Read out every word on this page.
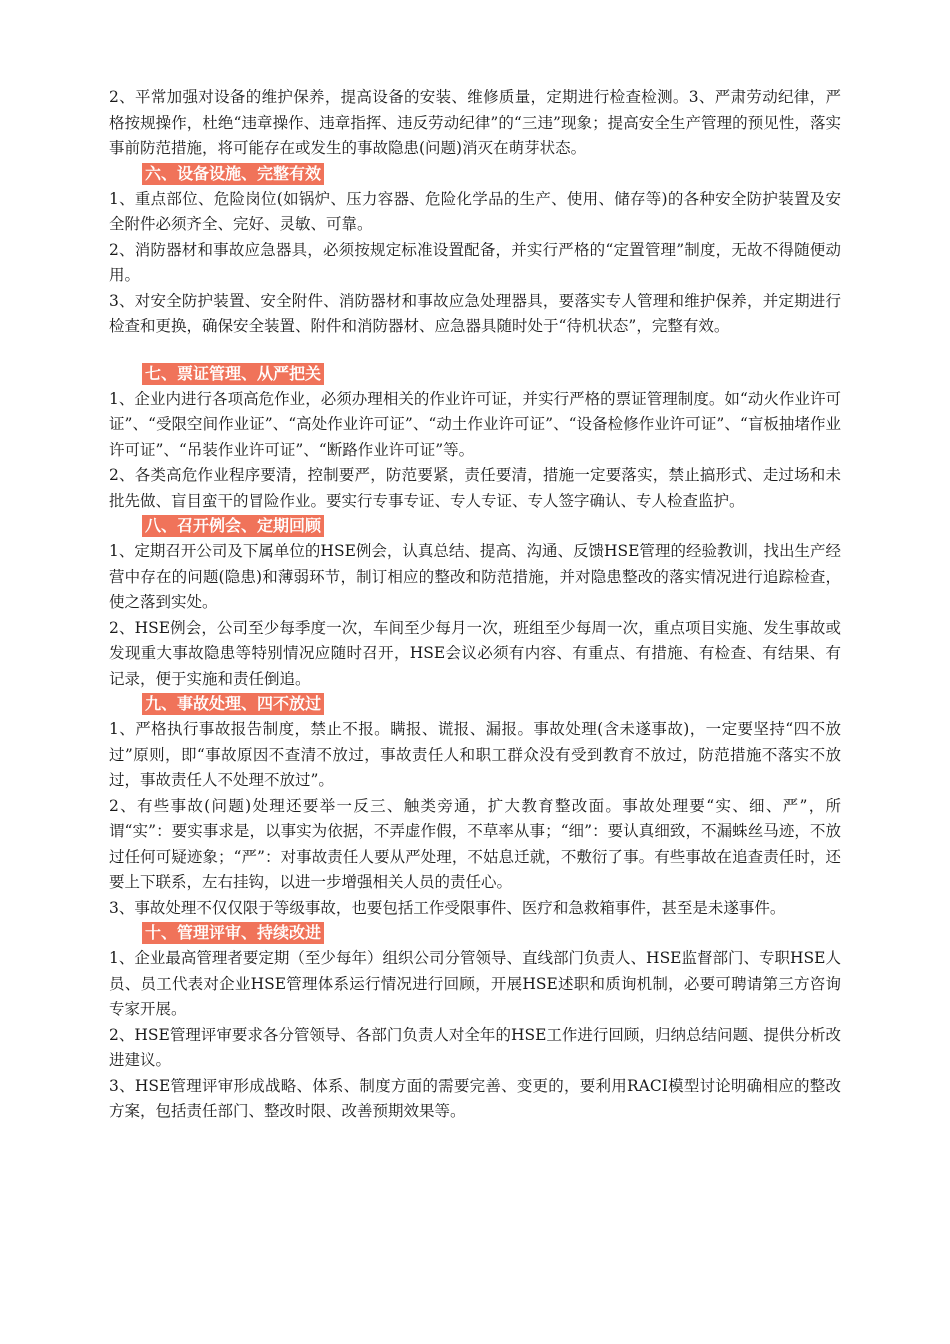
2、平常加强对设备的维护保养，提高设备的安装、维修质量，定期进行检查检测。3、严肃劳动纪律，严格按规操作，杜绝“违章操作、违章指挥、违反劳动纪律”的“三违”现象；提高安全生产管理的预见性，落实事前防范措施，将可能存在或发生的事故隐患(问题)消灭在萌芽状态。

六、设备设施、完整有效

1、重点部位、危险岗位(如锅炉、压力容器、危险化学品的生产、使用、储存等)的各种安全防护装置及安全附件必须齐全、完好、灵敏、可靠。

2、消防器材和事故应急器具，必须按规定标准设置配备，并实行严格的“定置管理”制度，无故不得随便动用。

3、对安全防护装置、安全附件、消防器材和事故应急处理器具，要落实专人管理和维护保养，并定期进行检查和更换，确保安全装置、附件和消防器材、应急器具随时处于“待机状态”，完整有效。

七、票证管理、从严把关

1、企业内进行各项高危作业，必须办理相关的作业许可证，并实行严格的票证管理制度。如“动火作业许可证”、“受限空间作业证”、“高处作业许可证”、“动土作业许可证”、“设备检修作业许可证”、“盲板抽堵作业许可证”、“吊装作业许可证”、“断路作业许可证”等。

2、各类高危作业程序要清，控制要严，防范要紧，责任要清，措施一定要落实，禁止搞形式、走过场和未批先做、盲目蛮干的冒险作业。要实行专事专证、专人专证、专人签字确认、专人检查监护。

八、召开例会、定期回顾

1、定期召开公司及下属单位的HSE例会，认真总结、提高、沟通、反馈HSE管理的经验教训，找出生产经营中存在的问题(隐患)和薄弱环节，制订相应的整改和防范措施，并对隐患整改的落实情况进行追踪检查，使之落到实处。

2、HSE例会，公司至少每季度一次，车间至少每月一次，班组至少每周一次，重点项目实施、发生事故或发现重大事故隐患等特别情况应随时召开，HSE会议必须有内容、有重点、有措施、有检查、有结果、有记录，便于实施和责任倒追。

九、事故处理、四不放过

1、严格执行事故报告制度，禁止不报。瞒报、谎报、漏报。事故处理(含未遂事故)，一定要坚持“四不放过”原则，即“事故原因不查清不放过，事故责任人和职工群众没有受到教育不放过，防范措施不落实不放过，事故责任人不处理不放过”。

2、有些事故(问题)处理还要举一反三、触类旁通，扩大教育整改面。事故处理要“实、细、严”，所谓“实”：要实事求是，以事实为依据，不弄虚作假，不草率从事；“细”：要认真细致，不漏蛛丝马迹，不放过任何可疑迹象；“严”：对事故责任人要从严处理，不姑息迁就，不敷衍了事。有些事故在追查责任时，还要上下联系，左右挂钩，以进一步增强相关人员的责任心。

3、事故处理不仅仅限于等级事故，也要包括工作受限事件、医疗和急救箱事件，甚至是未遂事件。

十、管理评审、持续改进

1、企业最高管理者要定期（至少每年）组织公司分管领导、直线部门负责人、HSE监督部门、专职HSE人员、员工代表对企业HSE管理体系运行情况进行回顾，开展HSE述职和质询机制，必要可聘请第三方咨询专家开展。

2、HSE管理评审要求各分管领导、各部门负责人对全年的HSE工作进行回顾，归纳总结问题、提供分析改进建议。

3、HSE管理评审形成战略、体系、制度方面的需要完善、变更的，要利用RACI模型讨论明确相应的整改方案，包括责任部门、整改时限、改善预期效果等。
